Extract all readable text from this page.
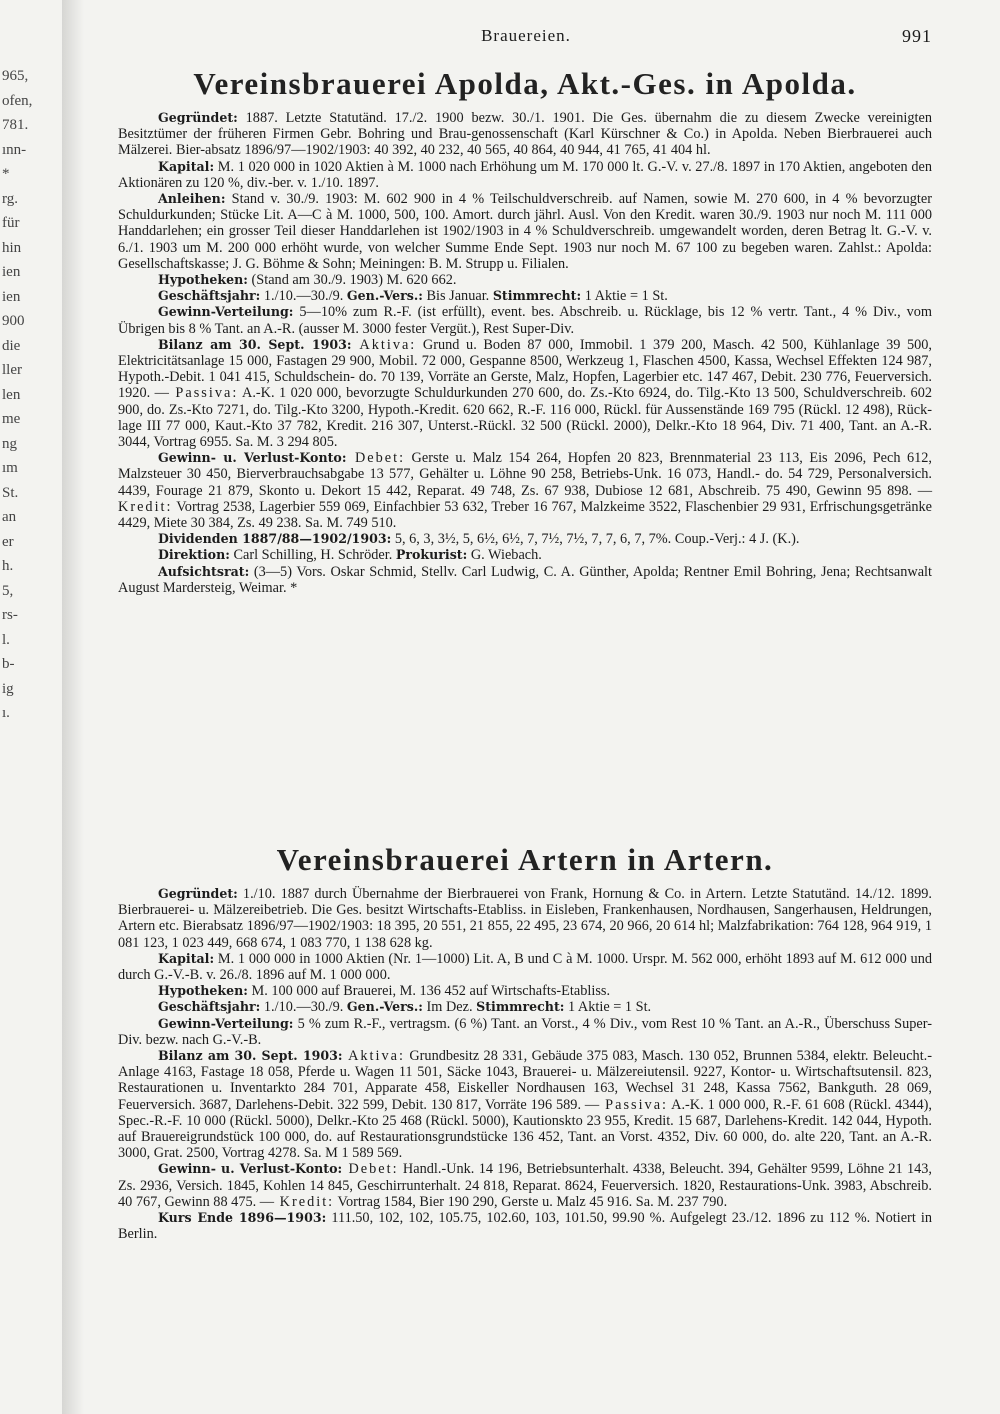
965,
ofen,
781.
ınn-
*
rg.
für
hin
ien
ien
900
die
ller
len
me
ng
ım
St.
an
er
h.
5,
rs-
l.
b-
ig
ı.
Brauereien.	991
Vereinsbrauerei Apolda, Akt.-Ges. in Apolda.

Gegründet: 1887. Letzte Statutänd. 17./2. 1900 bezw. 30./1. 1901. Die Ges. übernahm die zu diesem Zwecke vereinigten Besitztümer der früheren Firmen Gebr. Bohring und Brau-genossenschaft (Karl Kürschner & Co.) in Apolda. Neben Bierbrauerei auch Mälzerei. Bier-absatz 1896/97—1902/1903: 40 392, 40 232, 40 565, 40 864, 40 944, 41 765, 41 404 hl.

Kapital: M. 1 020 000 in 1020 Aktien à M. 1000 nach Erhöhung um M. 170 000 lt. G.-V. v. 27./8. 1897 in 170 Aktien, angeboten den Aktionären zu 120 %, div.-ber. v. 1./10. 1897.

Anleihen: Stand v. 30./9. 1903: M. 602 900 in 4 % Teilschuldverschreib. auf Namen, sowie M. 270 600, in 4 % bevorzugter Schuldurkunden; Stücke Lit. A—C à M. 1000, 500, 100. Amort. durch jährl. Ausl. Von den Kredit. waren 30./9. 1903 nur noch M. 111 000 Handdarlehen; ein grosser Teil dieser Handdarlehen ist 1902/1903 in 4 % Schuldverschreib. umgewandelt worden, deren Betrag lt. G.-V. v. 6./1. 1903 um M. 200 000 erhöht wurde, von welcher Summe Ende Sept. 1903 nur noch M. 67 100 zu begeben waren. Zahlst.: Apolda: Gesellschaftskasse; J. G. Böhme & Sohn; Meiningen: B. M. Strupp u. Filialen.

Hypotheken: (Stand am 30./9. 1903) M. 620 662.

Geschäftsjahr: 1./10.—30./9. Gen.-Vers.: Bis Januar. Stimmrecht: 1 Aktie = 1 St.

Gewinn-Verteilung: 5—10% zum R.-F. (ist erfüllt), event. bes. Abschreib. u. Rücklage, bis 12 % vertr. Tant., 4 % Div., vom Übrigen bis 8 % Tant. an A.-R. (ausser M. 3000 fester Vergüt.), Rest Super-Div.

Bilanz am 30. Sept. 1903: Aktiva: Grund u. Boden 87 000, Immobil. 1 379 200, Masch. 42 500, Kühlanlage 39 500, Elektricitätsanlage 15 000, Fastagen 29 900, Mobil. 72 000, Gespanne 8500, Werkzeug 1, Flaschen 4500, Kassa, Wechsel Effekten 124 987, Hypoth.-Debit. 1 041 415, Schuldschein- do. 70 139, Vorräte an Gerste, Malz, Hopfen, Lagerbier etc. 147 467, Debit. 230 776, Feuerversich. 1920. — Passiva: A.-K. 1 020 000, bevorzugte Schuldurkunden 270 600, do. Zs.-Kto 6924, do. Tilg.-Kto 13 500, Schuldverschreib. 602 900, do. Zs.-Kto 7271, do. Tilg.-Kto 3200, Hypoth.-Kredit. 620 662, R.-F. 116 000, Rückl. für Aussenstände 169 795 (Rückl. 12 498), Rück-lage III 77 000, Kaut.-Kto 37 782, Kredit. 216 307, Unterst.-Rückl. 32 500 (Rückl. 2000), Delkr.-Kto 18 964, Div. 71 400, Tant. an A.-R. 3044, Vortrag 6955. Sa. M. 3 294 805.

Gewinn- u. Verlust-Konto: Debet: Gerste u. Malz 154 264, Hopfen 20 823, Brennmaterial 23 113, Eis 2096, Pech 612, Malzsteuer 30 450, Bierverbrauchsabgabe 13 577, Gehälter u. Löhne 90 258, Betriebs-Unk. 16 073, Handl.- do. 54 729, Personalversich. 4439, Fourage 21 879, Skonto u. Dekort 15 442, Reparat. 49 748, Zs. 67 938, Dubiose 12 681, Abschreib. 75 490, Gewinn 95 898. — Kredit: Vortrag 2538, Lagerbier 559 069, Einfachbier 53 632, Treber 16 767, Malzkeime 3522, Flaschenbier 29 931, Erfrischungsgetränke 4429, Miete 30 384, Zs. 49 238. Sa. M. 749 510.

Dividenden 1887/88—1902/1903: 5, 6, 3, 3½, 5, 6½, 6½, 7, 7½, 7½, 7, 7, 6, 7, 7%. Coup.-Verj.: 4 J. (K.).

Direktion: Carl Schilling, H. Schröder. Prokurist: G. Wiebach.

Aufsichtsrat: (3—5) Vors. Oskar Schmid, Stellv. Carl Ludwig, C. A. Günther, Apolda; Rentner Emil Bohring, Jena; Rechtsanwalt August Mardersteig, Weimar. *

Vereinsbrauerei Artern in Artern.

Gegründet: 1./10. 1887 durch Übernahme der Bierbrauerei von Frank, Hornung & Co. in Artern. Letzte Statutänd. 14./12. 1899. Bierbrauerei- u. Mälzereibetrieb. Die Ges. besitzt Wirtschafts-Etabliss. in Eisleben, Frankenhausen, Nordhausen, Sangerhausen, Heldrungen, Artern etc. Bierabsatz 1896/97—1902/1903: 18 395, 20 551, 21 855, 22 495, 23 674, 20 966, 20 614 hl; Malzfabrikation: 764 128, 964 919, 1 081 123, 1 023 449, 668 674, 1 083 770, 1 138 628 kg.

Kapital: M. 1 000 000 in 1000 Aktien (Nr. 1—1000) Lit. A, B und C à M. 1000. Urspr. M. 562 000, erhöht 1893 auf M. 612 000 und durch G.-V.-B. v. 26./8. 1896 auf M. 1 000 000.

Hypotheken: M. 100 000 auf Brauerei, M. 136 452 auf Wirtschafts-Etabliss.

Geschäftsjahr: 1./10.—30./9. Gen.-Vers.: Im Dez. Stimmrecht: 1 Aktie = 1 St.

Gewinn-Verteilung: 5 % zum R.-F., vertragsm. (6 %) Tant. an Vorst., 4 % Div., vom Rest 10 % Tant. an A.-R., Überschuss Super-Div. bezw. nach G.-V.-B.

Bilanz am 30. Sept. 1903: Aktiva: Grundbesitz 28 331, Gebäude 375 083, Masch. 130 052, Brunnen 5384, elektr. Beleucht.-Anlage 4163, Fastage 18 058, Pferde u. Wagen 11 501, Säcke 1043, Brauerei- u. Mälzereiutensil. 9227, Kontor- u. Wirtschaftsutensil. 823, Restaurationen u. Inventarkto 284 701, Apparate 458, Eiskeller Nordhausen 163, Wechsel 31 248, Kassa 7562, Bankguth. 28 069, Feuerversich. 3687, Darlehens-Debit. 322 599, Debit. 130 817, Vorräte 196 589. — Passiva: A.-K. 1 000 000, R.-F. 61 608 (Rückl. 4344), Spec.-R.-F. 10 000 (Rückl. 5000), Delkr.-Kto 25 468 (Rückl. 5000), Kautionskto 23 955, Kredit. 15 687, Darlehens-Kredit. 142 044, Hypoth. auf Brauereigrundstück 100 000, do. auf Restaurationsgrundstücke 136 452, Tant. an Vorst. 4352, Div. 60 000, do. alte 220, Tant. an A.-R. 3000, Grat. 2500, Vortrag 4278. Sa. M 1 589 569.

Gewinn- u. Verlust-Konto: Debet: Handl.-Unk. 14 196, Betriebsunterhalt. 4338, Beleucht. 394, Gehälter 9599, Löhne 21 143, Zs. 2936, Versich. 1845, Kohlen 14 845, Geschirrunterhalt. 24 818, Reparat. 8624, Feuerversich. 1820, Restaurations-Unk. 3983, Abschreib. 40 767, Gewinn 88 475. — Kredit: Vortrag 1584, Bier 190 290, Gerste u. Malz 45 916. Sa. M. 237 790.

Kurs Ende 1896—1903: 111.50, 102, 102, 105.75, 102.60, 103, 101.50, 99.90 %. Aufgelegt 23./12. 1896 zu 112 %. Notiert in Berlin.
